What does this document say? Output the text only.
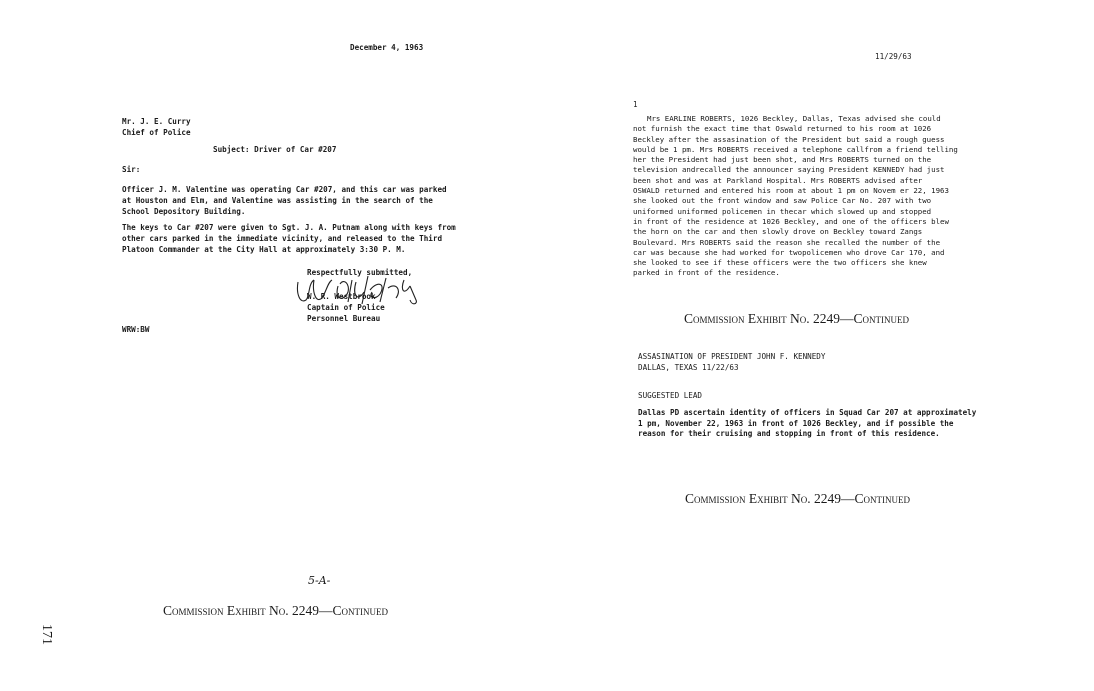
December 4, 1963
Mr. J. E. Curry
Chief of Police
Subject: Driver of Car #207
Sir:
Officer J. M. Valentine was operating Car #207, and this car was parked
at Houston and Elm, and Valentine was assisting in the search of the
School Depository Building.
The keys to Car #207 were given to Sgt. J. A. Putnam along with keys from
other cars parked in the immediate vicinity, and released to the Third
Platoon Commander at the City Hall at approximately 3:30 P. M.
Respectfully submitted,
W. R. Westbrook
Captain of Police
Personnel Bureau
WRW:BW
5-A-
Commission Exhibit No. 2249—Continued
171
11/29/63
1
Mrs EARLINE ROBERTS, 1026 Beckley, Dallas, Texas advised she could
not furnish the exact time that Oswald returned to his room at 1026
Beckley after the assasination of the President but said a rough guess
would be 1 pm. Mrs ROBERTS received a telephone callfrom a friend telling
her the President had just been shot, and Mrs ROBERTS turned on the
television andrecalled the announcer saying President KENNEDY had just
been shot and was at Parkland Hospital. Mrs ROBERTS advised after
OSWALD returned and entered his room at about 1 pm on Novem er 22, 1963
she looked out the front window and saw Police Car No. 207 with two
uniformed uniformed policemen in thecar which slowed up and stopped
in front of the residence at 1026 Beckley, and one of the officers blew
the horn on the car and then slowly drove on Beckley toward Zangs
Boulevard. Mrs ROBERTS said the reason she recalled the number of the
car was because she had worked for twopolicemen who drove Car 170, and
she looked to see if these officers were the two officers she knew
parked in front of the residence.
Commission Exhibit No. 2249—Continued
ASSASINATION OF PRESIDENT JOHN F. KENNEDY
DALLAS, TEXAS 11/22/63
SUGGESTED LEAD
Dallas PD ascertain identity of officers in Squad Car 207 at approximately
1 pm, November 22, 1963 in front of 1026 Beckley, and if possible the
reason for their cruising and stopping in front of this residence.
Commission Exhibit No. 2249—Continued
